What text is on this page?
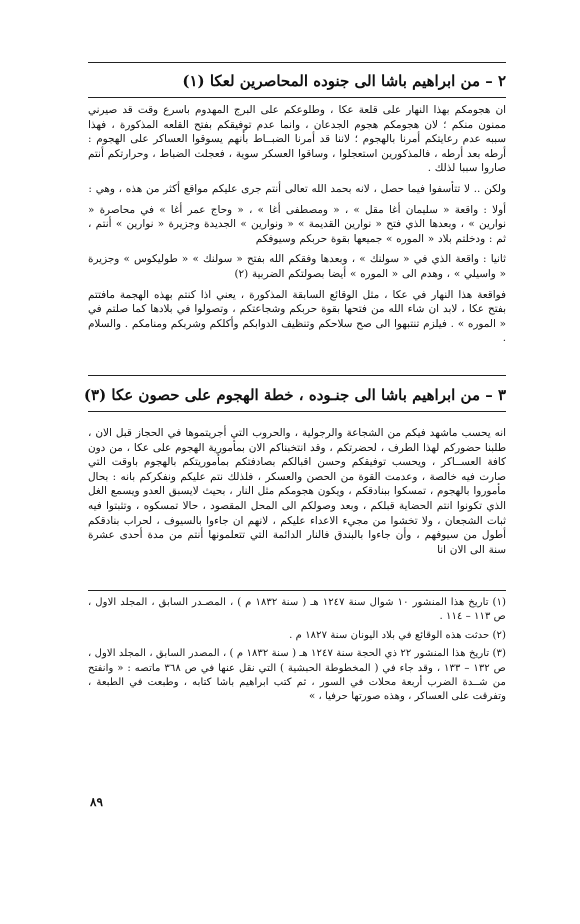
٢ – من ابراهيم باشا الى جنوده المحاصرين لعكا (١)

ان هجومكم بهذا النهار على قلعة عكا ، وطلوعكم على البرج المهدوم باسرع وقت قد صيرني ممنون منكم ؛ لان هجومكم هجوم الجدعان ، وانما عدم توفيقكم بفتح القلعه المذكورة ، فهذا سببه عدم رعايتكم أمرنا بالهجوم ؛ لاننا قد أمرنا الضبــاط بأنهم يسوقوا العساكر على الهجوم : أرطه بعد أرطه ، فالمذكورين استعجلوا ، وساقوا العسكر سوية ، فعجلت الضباط ، وحرارتكم أنتم صاروا سببا لذلك .

ولكن .. لا تتأسفوا فيما حصل ، لانه بحمد الله تعالى أنتم جرى عليكم مواقع أكثر من هذه ، وهي :

أولا : واقعة « سليمان أغا مقل » ، « ومصطفى أغا » ، « وحاج عمر أغا » في محاصرة « نوارين » ، وبعدها الذي فتح « نوارين القديمة » « ونوارين » الجديدة وجزيرة « نوارين » أنتم ، ثم : ودخلتم بلاد « الموره » جميعها بقوة حربكم وسيوفكم

ثانيا : واقعة الذي في « سولنك » ، وبعدها وفقكم الله بفتح « سولنك » « طوليكوس » وجزيرة « واسيلي » ، وهدم الى « الموره » أيضا بصولتكم الضربية (٢)

فواقعة هذا النهار في عكا ، مثل الوقائع السابقة المذكورة ، يعني اذا كنتم بهذه الهجمة مافتتم بفتح عكا ، لابد ان شاء الله من فتحها بقوة حربكم وشجاعتكم ، وتصولوا في بلادها كما صلتم في « الموره » . فيلزم تنتبهوا الى صح سلاحكم وتنظيف الدوابكم وأكلكم وشربكم ومنامكم . والسلام .

٣ – من ابراهيم باشا الى جنـوده ، خطة الهجوم على حصون عكا (٣)

انه يحسب ماشهد فيكم من الشجاعة والرجولية ، والحروب التي أجريتموها في الحجاز قبل الان ، طلبنا حضوركم لهذا الطرف ، لحضرتكم ، وقد انتخبناكم الان بمأمورية الهجوم على عكا ، من دون كافة العســاكر ، ويحسب توفيقكم وحسن اقبالكم بصادفتكم بمأموريتكم بالهجوم باوقت التي صارت فيه خالصة ، وعدمت القوة من الحصن والعسكر ، فلذلك نتم عليكم ونفكركم بانه : بحال مأموروا بالهجوم ، تمسكوا ببنادقكم ، ويكون هجومكم مثل النار ، بحيث لايسبق العدو ويسمع الغل الذي تكونوا انتم الحضاية قبلكم ، وبعد وصولكم الى المحل المقصود ، حالا تمسكوه ، وتثبتوا فيه ثبات الشجعان ، ولا تخشوا من مجيء الاعداء عليكم ، لانهم ان جاءوا بالسيوف ، لحراب بنادقكم أطول من سيوفهم ، وأن جاءوا بالبندق فالنار الدائمة التي تتعلمونها أنتم من مدة أحدى عشرة سنة الى الان انا

(١) تاريخ هذا المنشور ١٠ شوال سنة ١٢٤٧ هـ ( سنة ١٨٣٢ م ) ، المصـدر السابق ، المجلد الاول ، ص ١١٣ – ١١٤ .

(٢) حدثت هذه الوقائع في بلاد اليونان سنة ١٨٢٧ م .

(٣) تاريخ هذا المنشور ٢٢ ذي الحجة سنة ١٢٤٧ هـ ( سنة ١٨٣٢ م ) ، المصدر السابق ، المجلد الاول ، ص ١٣٢ – ١٣٣ ، وقد جاء في ( المخطوطة الحبشية ) التي نقل عنها في ص ٣٦٨ ماتصه : « وانفتح من شــدة الضرب أربعة محلات في السور ، ثم كتب ابراهيم باشا كتابه ، وطبعت في الطبعة ، وتفرقت على العساكر ، وهذه صورتها حرفيا ، »

٨٩
